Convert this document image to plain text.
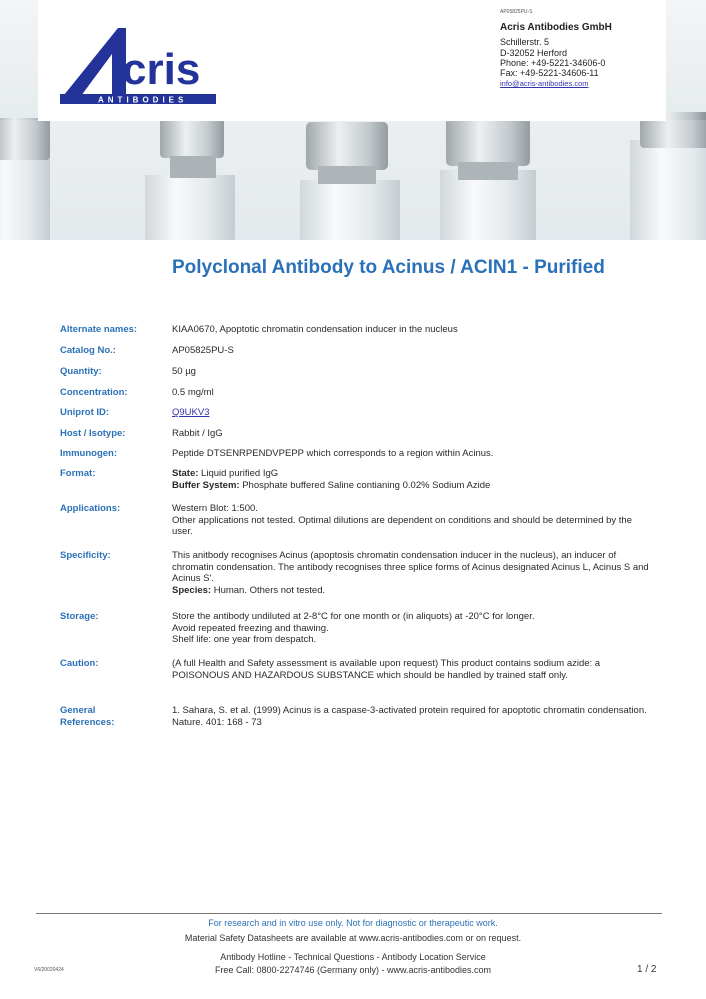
cris
ANTIBODIES
AP05825PU-S
Acris Antibodies GmbH
Schillerstr. 5
D-32052 Herford
Phone: +49-5221-34606-0
Fax: +49-5221-34606-11
info@acris-antibodies.com
Polyclonal Antibody to Acinus / ACIN1 - Purified
Alternate names:	KIAA0670, Apoptotic chromatin condensation inducer in the nucleus
Catalog No.:	AP05825PU-S
Quantity:	50 µg
Concentration:	0.5 mg/ml
Uniprot ID:	Q9UKV3
Host / Isotype:	Rabbit / IgG
Immunogen:	Peptide DTSENRPENDVPEPP which corresponds to a region within Acinus.
Format:	State: Liquid purified IgG
Buffer System: Phosphate buffered Saline contianing 0.02% Sodium Azide
Applications:	Western Blot: 1:500.
Other applications not tested. Optimal dilutions are dependent on conditions and should be determined by the user.
Specificity:	This anitbody recognises Acinus (apoptosis chromatin condensation inducer in the nucleus), an inducer of chromatin condensation. The antibody recognises three splice forms of Acinus designated Acinus L, Acinus S and Acinus S'.
Species: Human. Others not tested.
Storage:	Store the antibody undiluted at 2-8°C for one month or (in aliquots) at -20°C for longer.
Avoid repeated freezing and thawing.
Shelf life: one year from despatch.
Caution:	(A full Health and Safety assessment is available upon request) This product contains sodium azide: a POISONOUS AND HAZARDOUS SUBSTANCE which should be handled by trained staff only.
General
References:
1. Sahara, S. et al. (1999) Acinus is a caspase-3-activated protein required for apoptotic chromatin condensation. Nature. 401: 168 - 73
For research and in vitro use only. Not for diagnostic or therapeutic work.
Material Safety Datasheets are available at www.acris-antibodies.com or on request.
Antibody Hotline - Technical Questions - Antibody Location Service
Free Call: 0800-2274746 (Germany only) - www.acris-antibodies.com
V6/20020424	1 / 2
